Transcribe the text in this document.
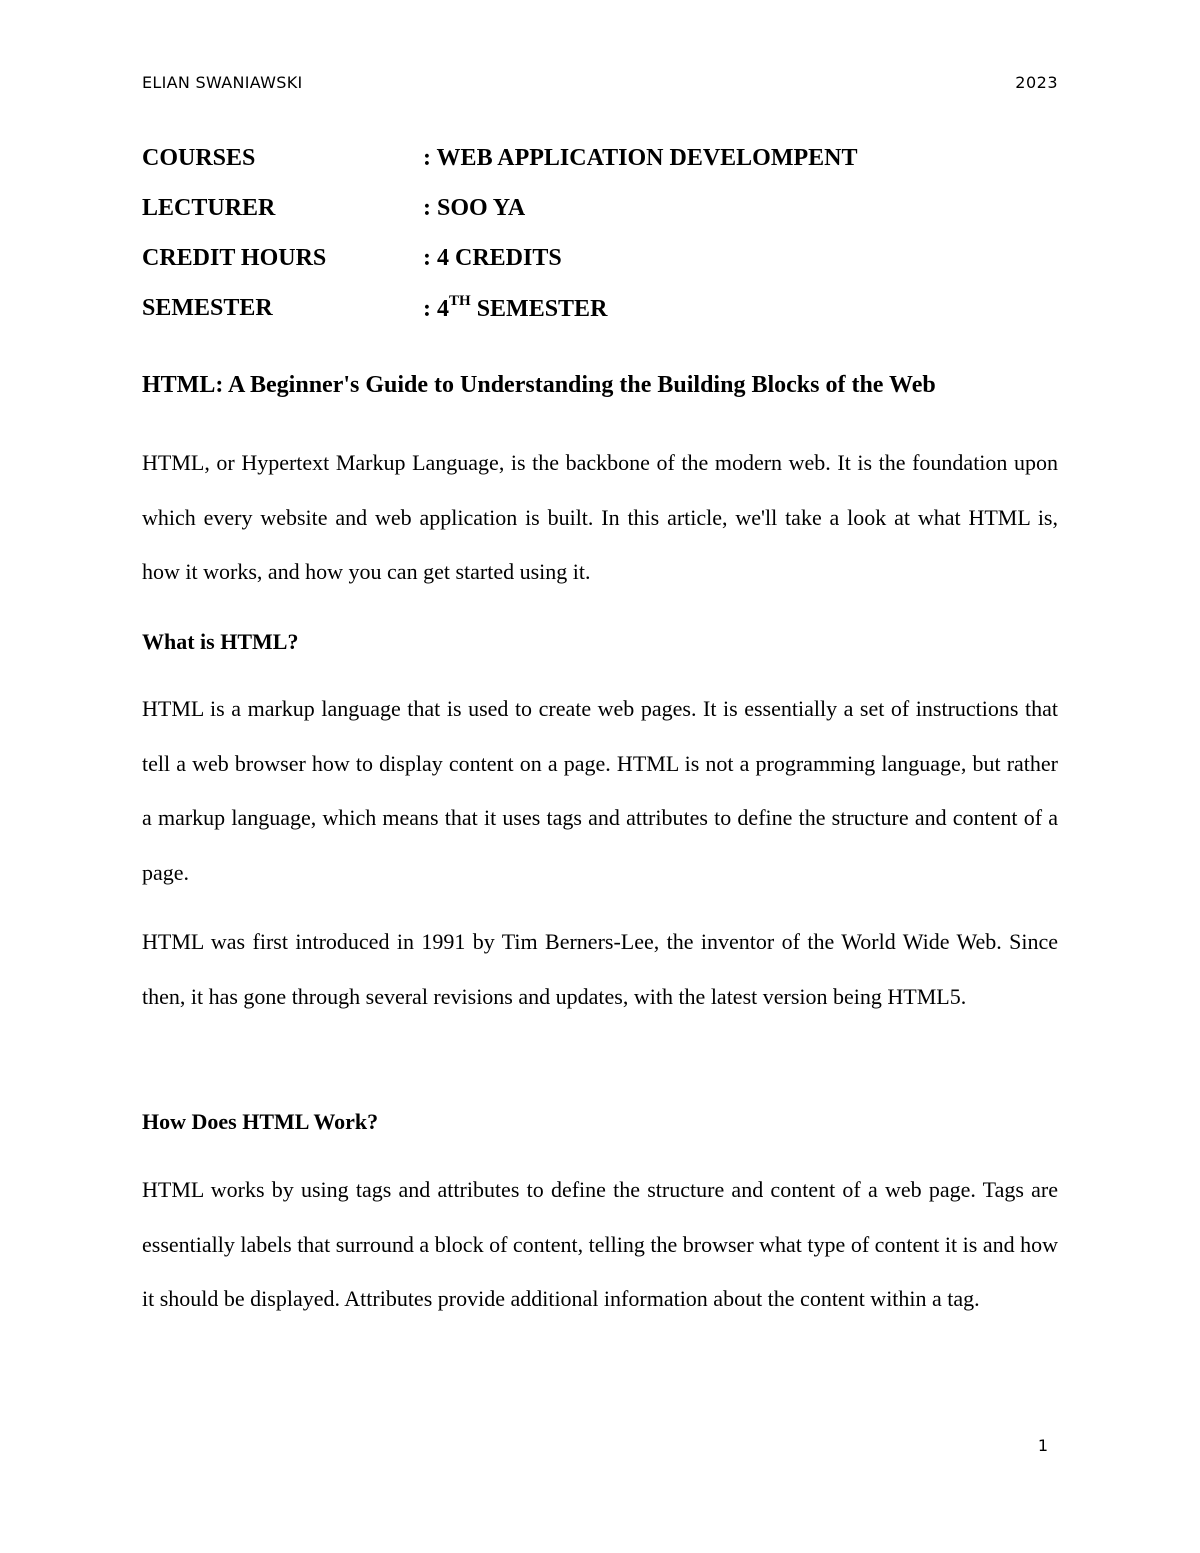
ELIAN SWANIAWSKI	2023
COURSES	: WEB APPLICATION DEVELOMPENT
LECTURER	: SOO YA
CREDIT HOURS	: 4 CREDITS
SEMESTER	: 4TH SEMESTER
HTML: A Beginner's Guide to Understanding the Building Blocks of the Web

HTML, or Hypertext Markup Language, is the backbone of the modern web. It is the foundation upon which every website and web application is built. In this article, we'll take a look at what HTML is, how it works, and how you can get started using it.

What is HTML?

HTML is a markup language that is used to create web pages. It is essentially a set of instructions that tell a web browser how to display content on a page. HTML is not a programming language, but rather a markup language, which means that it uses tags and attributes to define the structure and content of a page.

HTML was first introduced in 1991 by Tim Berners-Lee, the inventor of the World Wide Web. Since then, it has gone through several revisions and updates, with the latest version being HTML5.

How Does HTML Work?

HTML works by using tags and attributes to define the structure and content of a web page. Tags are essentially labels that surround a block of content, telling the browser what type of content it is and how it should be displayed. Attributes provide additional information about the content within a tag.

1
